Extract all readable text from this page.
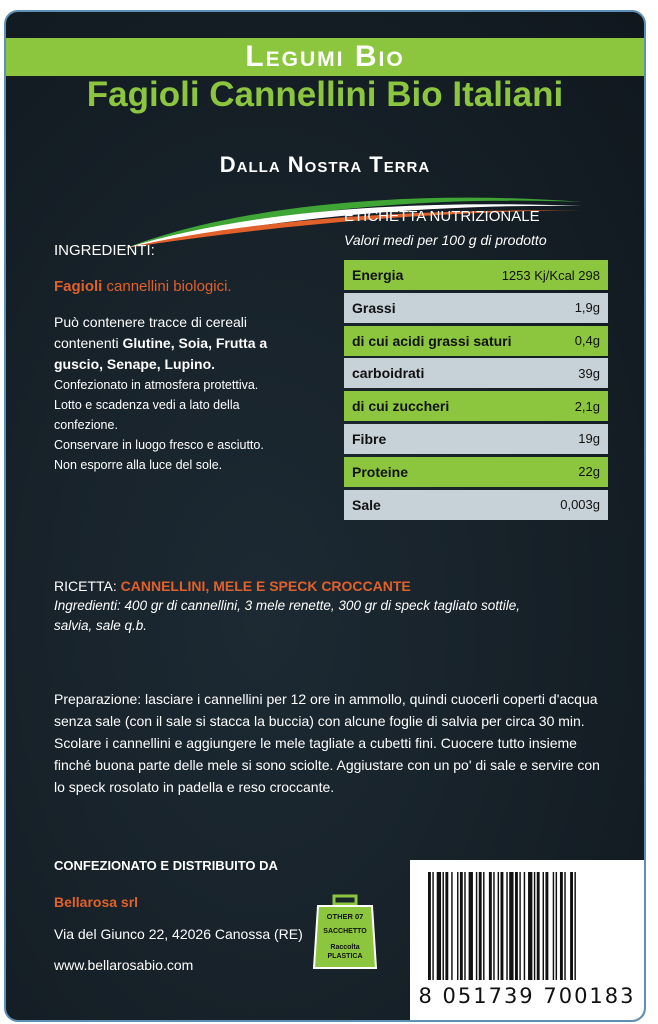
Legumi Bio
Fagioli Cannellini Bio Italiani
Dalla Nostra Terra
ETICHETTA NUTRIZIONALE
Valori medi per 100 g di prodotto
Energia	1253 Kj/Kcal 298
Grassi	1,9g
di cui acidi grassi saturi	0,4g
carboidrati	39g
di cui zuccheri	2,1g
Fibre	19g
Proteine	22g
Sale	0,003g
INGREDIENTI:
Fagioli cannellini biologici.
Può contenere tracce di cereali contenenti Glutine, Soia, Frutta a guscio, Senape, Lupino.
Confezionato in atmosfera protettiva.
Lotto e scadenza vedi a lato della confezione.
Conservare in luogo fresco e asciutto.
Non esporre alla luce del sole.
RICETTA: CANNELLINI, MELE E SPECK CROCCANTE
Ingredienti: 400 gr di cannellini, 3 mele renette, 300 gr di speck tagliato sottile, salvia, sale q.b.
Preparazione: lasciare i cannellini per 12 ore in ammollo, quindi cuocerli coperti d'acqua senza sale (con il sale si stacca la buccia) con alcune foglie di salvia per circa 30 min. Scolare i cannellini e aggiungere le mele tagliate a cubetti fini. Cuocere tutto insieme finché buona parte delle mele si sono sciolte. Aggiustare con un po' di sale e servire con lo speck rosolato in padella e reso croccante.
CONFEZIONATO E DISTRIBUITO DA
Bellarosa srl
Via del Giunco 22, 42026 Canossa (RE)
www.bellarosabio.com
OTHER 07
SACCHETTO
Raccolta
PLASTICA
8 051739 700183
